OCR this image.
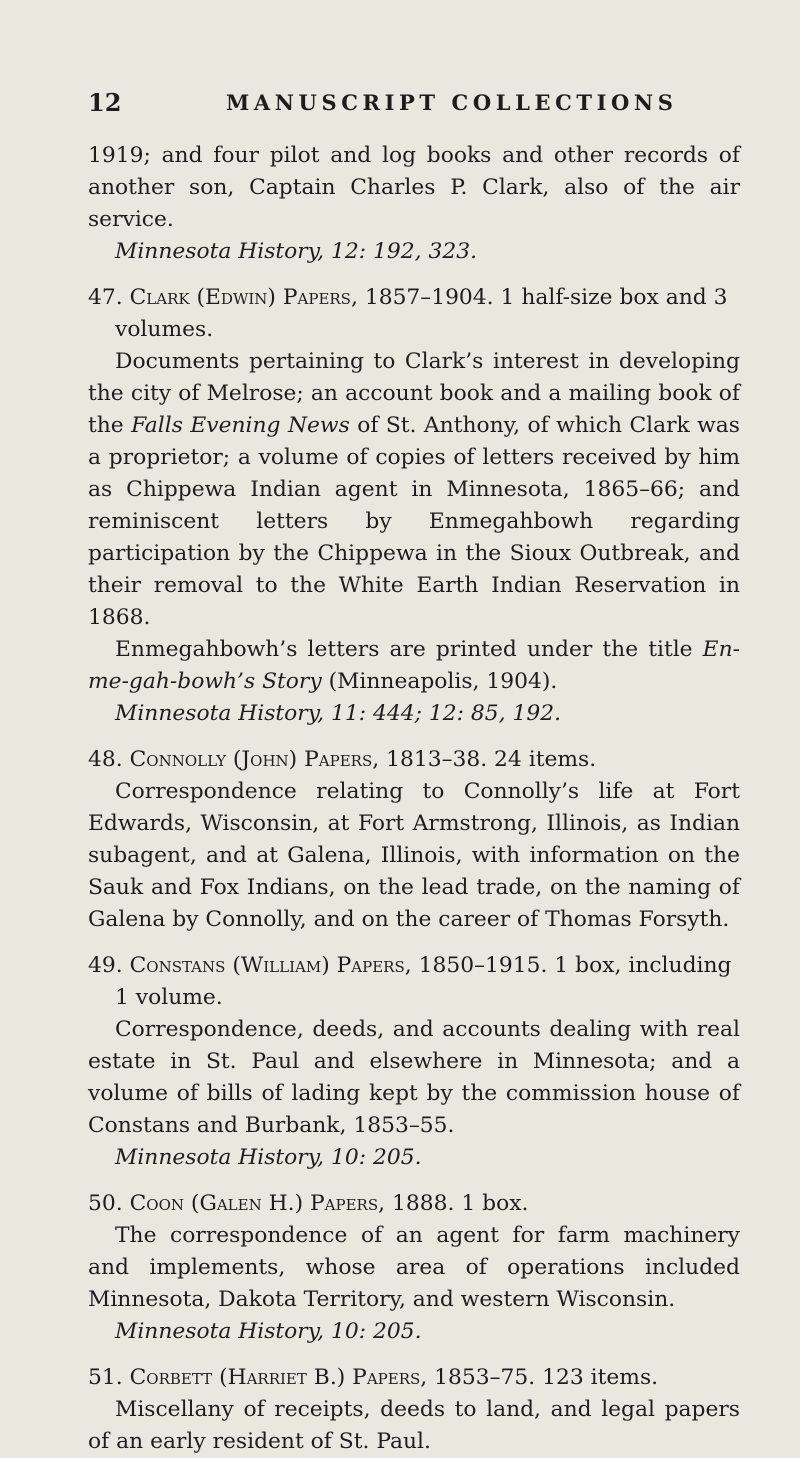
12	MANUSCRIPT COLLECTIONS

1919; and four pilot and log books and other records of another son, Captain Charles P. Clark, also of the air service.

Minnesota History, 12: 192, 323.

47. Clark (Edwin) Papers, 1857–1904. 1 half-size box and 3 volumes.

Documents pertaining to Clark’s interest in developing the city of Melrose; an account book and a mailing book of the Falls Evening News of St. Anthony, of which Clark was a proprietor; a volume of copies of letters received by him as Chippewa Indian agent in Minnesota, 1865–66; and reminiscent letters by Enmegahbowh regarding participation by the Chippewa in the Sioux Outbreak, and their removal to the White Earth Indian Reservation in 1868.

Enmegahbowh’s letters are printed under the title En-me-gah-bowh’s Story (Minneapolis, 1904).

Minnesota History, 11: 444; 12: 85, 192.

48. Connolly (John) Papers, 1813–38. 24 items.

Correspondence relating to Connolly’s life at Fort Edwards, Wisconsin, at Fort Armstrong, Illinois, as Indian subagent, and at Galena, Illinois, with information on the Sauk and Fox Indians, on the lead trade, on the naming of Galena by Connolly, and on the career of Thomas Forsyth.

49. Constans (William) Papers, 1850–1915. 1 box, including 1 volume.

Correspondence, deeds, and accounts dealing with real estate in St. Paul and elsewhere in Minnesota; and a volume of bills of lading kept by the commission house of Constans and Burbank, 1853–55.

Minnesota History, 10: 205.

50. Coon (Galen H.) Papers, 1888. 1 box.

The correspondence of an agent for farm machinery and implements, whose area of operations included Minnesota, Dakota Territory, and western Wisconsin.

Minnesota History, 10: 205.

51. Corbett (Harriet B.) Papers, 1853–75. 123 items.

Miscellany of receipts, deeds to land, and legal papers of an early resident of St. Paul.
